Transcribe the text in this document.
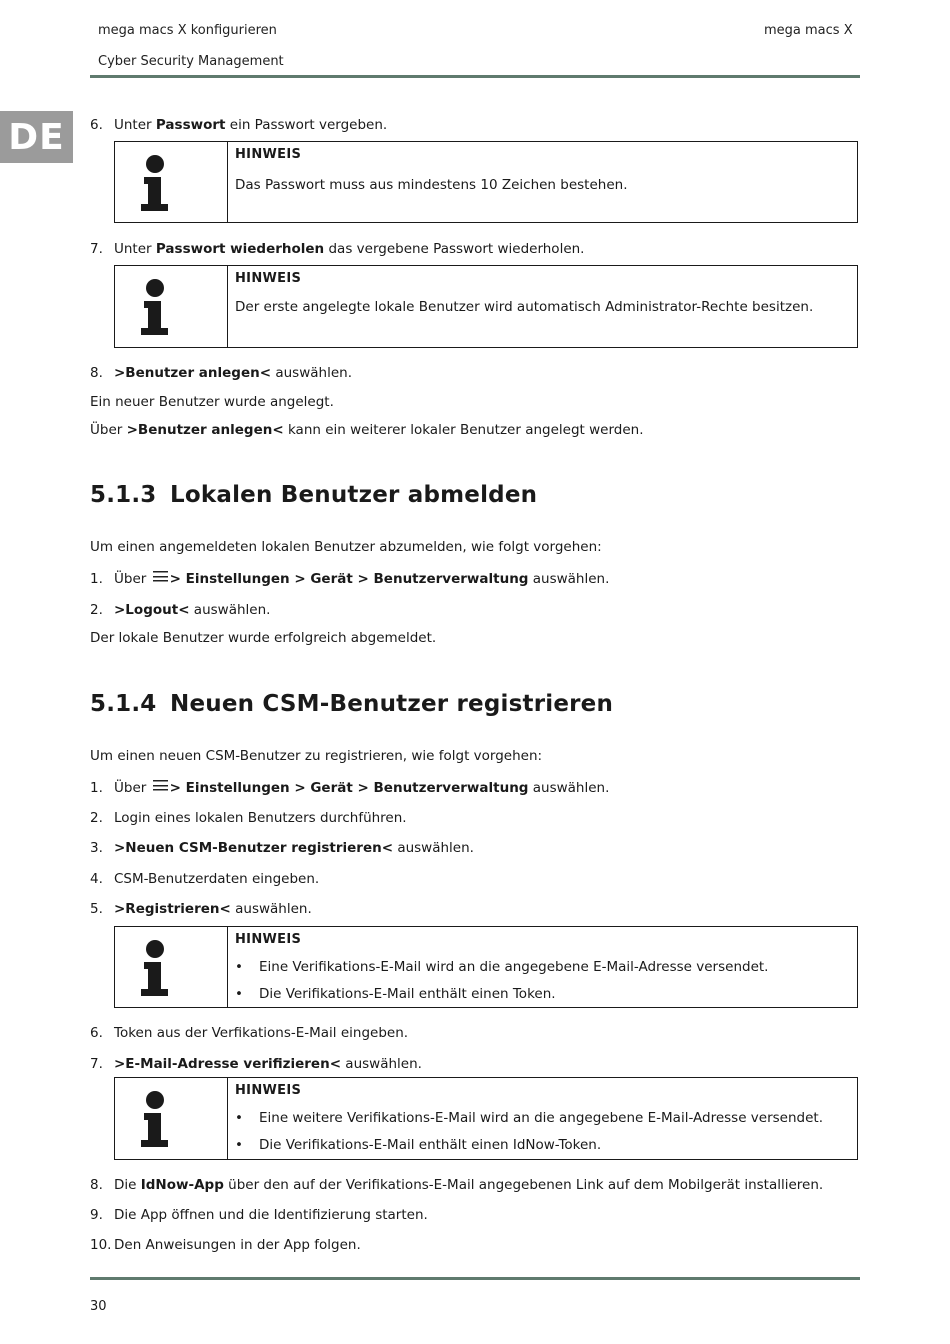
mega macs X konfigurieren	mega macs X
Cyber Security Management
DE	6. Unter Passwort ein Passwort vergeben.
HINWEIS
Das Passwort muss aus mindestens 10 Zeichen bestehen.
7. Unter Passwort wiederholen das vergebene Passwort wiederholen.
HINWEIS
Der erste angelegte lokale Benutzer wird automatisch Administrator-Rechte besitzen.
8. >Benutzer anlegen< auswählen.
Ein neuer Benutzer wurde angelegt.
Über >Benutzer anlegen< kann ein weiterer lokaler Benutzer angelegt werden.
5.1.3 Lokalen Benutzer abmelden
Um einen angemeldeten lokalen Benutzer abzumelden, wie folgt vorgehen:
1. Über > Einstellungen > Gerät > Benutzerverwaltung auswählen.
2. >Logout< auswählen.
Der lokale Benutzer wurde erfolgreich abgemeldet.
5.1.4 Neuen CSM-Benutzer registrieren
Um einen neuen CSM-Benutzer zu registrieren, wie folgt vorgehen:
1. Über > Einstellungen > Gerät > Benutzerverwaltung auswählen.
2. Login eines lokalen Benutzers durchführen.
3. >Neuen CSM-Benutzer registrieren< auswählen.
4. CSM-Benutzerdaten eingeben.
5. >Registrieren< auswählen.
HINWEIS
• Eine Verifikations-E-Mail wird an die angegebene E-Mail-Adresse versendet.
• Die Verifikations-E-Mail enthält einen Token.
6. Token aus der Verfikations-E-Mail eingeben.
7. >E-Mail-Adresse verifizieren< auswählen.
HINWEIS
• Eine weitere Verifikations-E-Mail wird an die angegebene E-Mail-Adresse versendet.
• Die Verifikations-E-Mail enthält einen IdNow-Token.
8. Die IdNow-App über den auf der Verifikations-E-Mail angegebenen Link auf dem Mobilgerät installieren.
9. Die App öffnen und die Identifizierung starten.
10. Den Anweisungen in der App folgen.
30
